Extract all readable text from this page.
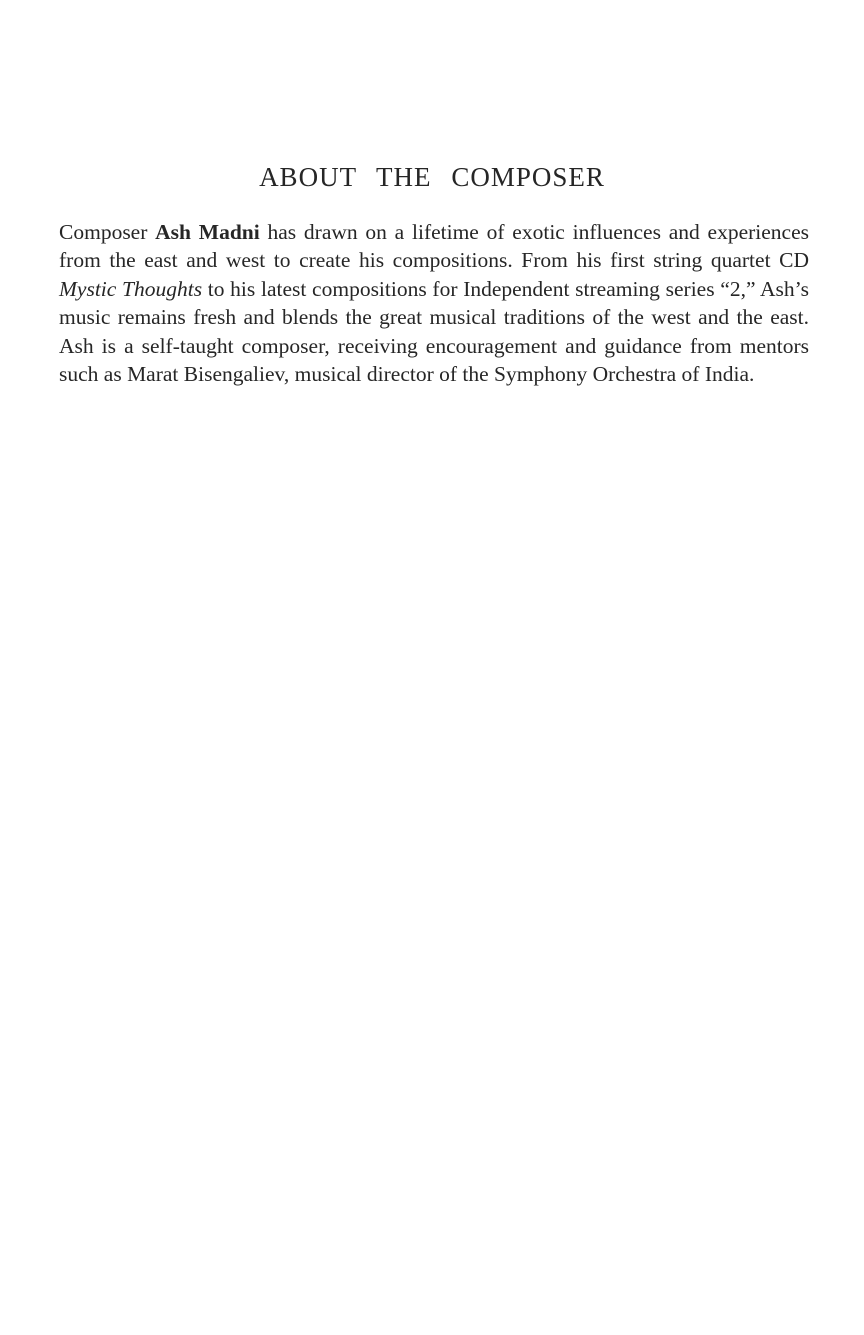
ABOUT THE COMPOSER

Composer Ash Madni has drawn on a lifetime of exotic influences and experiences from the east and west to create his compositions. From his first string quartet CD Mystic Thoughts to his latest compositions for Independent streaming series “2,” Ash’s music remains fresh and blends the great musical traditions of the west and the east. Ash is a self-taught composer, receiving encouragement and guidance from mentors such as Marat Bisengaliev, musical director of the Symphony Orchestra of India.
